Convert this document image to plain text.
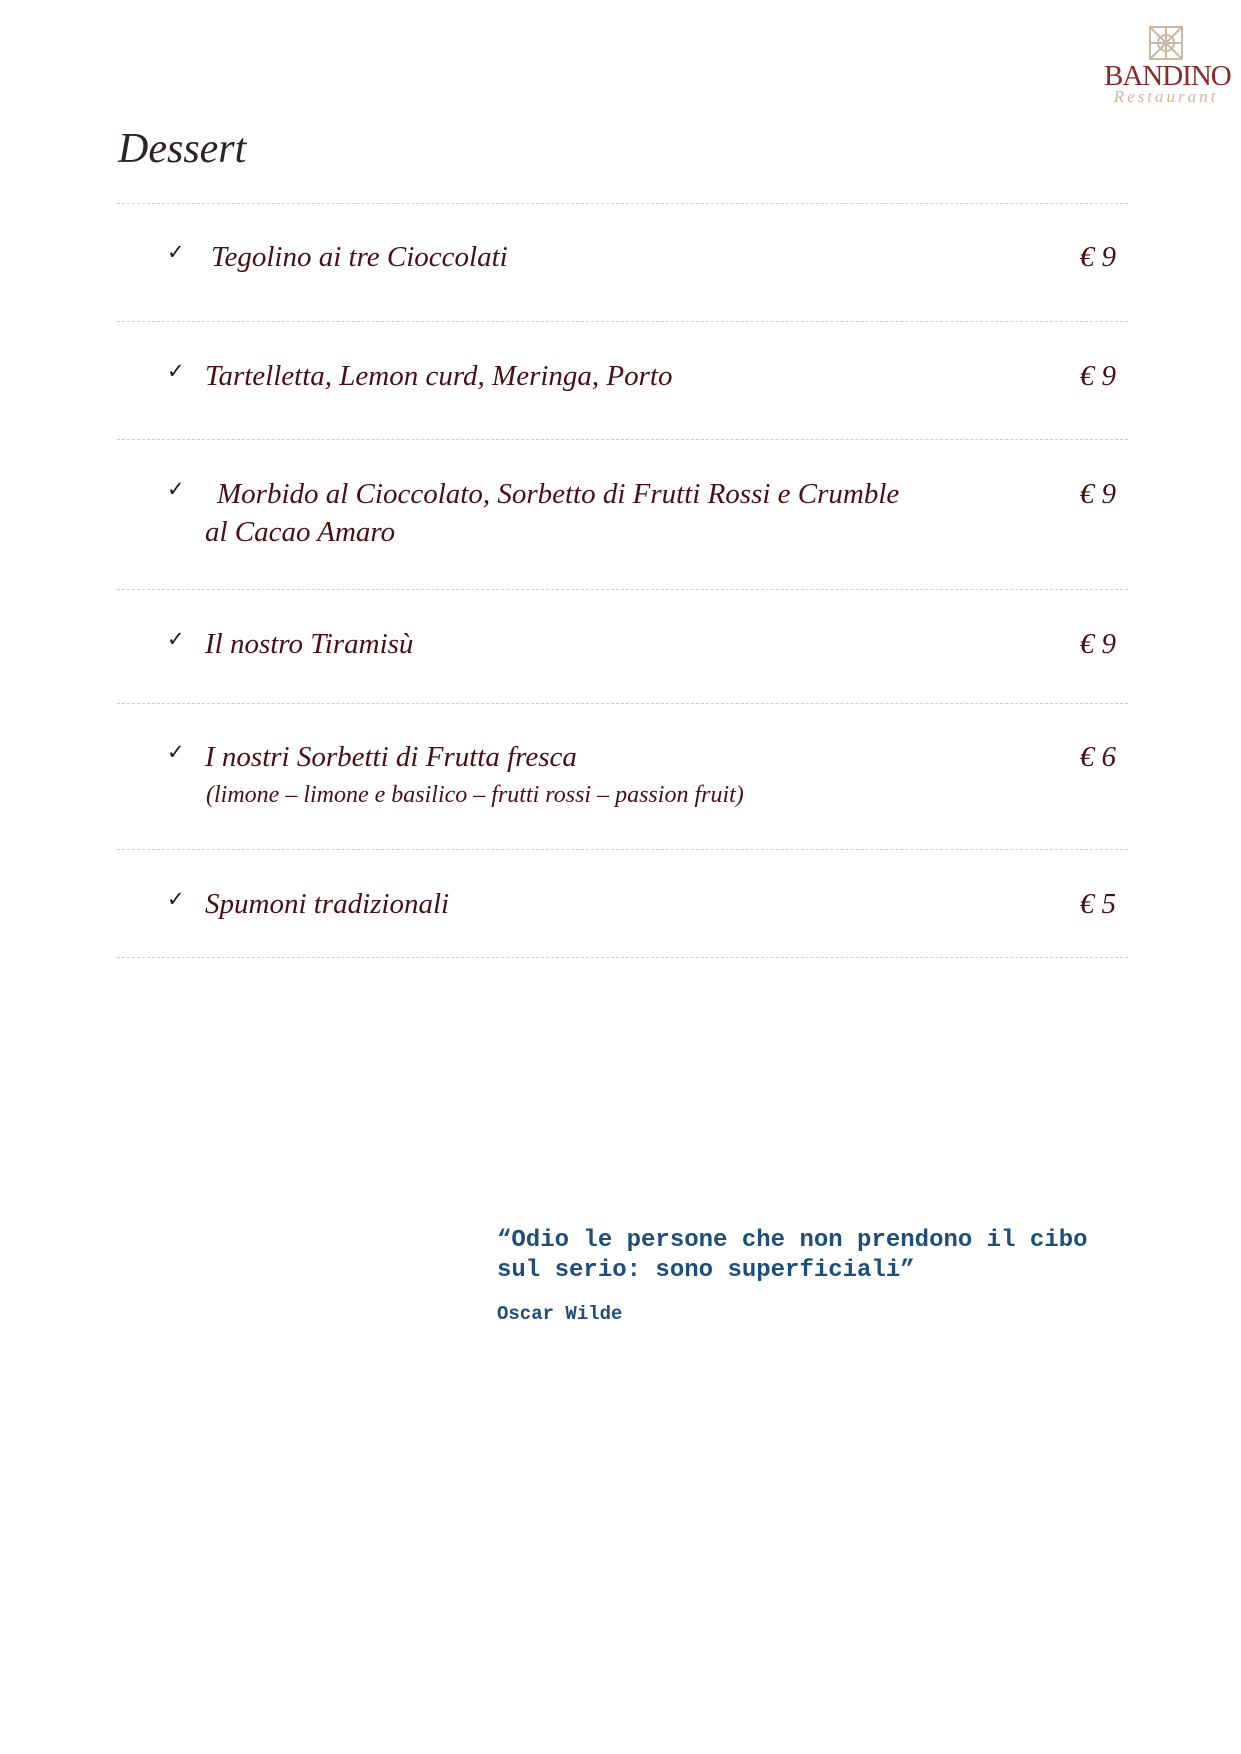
BANDINO
Restaurant
Dessert
✓ Tegolino ai tre Cioccolati	€ 9
✓ Tartelletta, Lemon curd, Meringa, Porto	€ 9
✓	Morbido al Cioccolato, Sorbetto di Frutti Rossi e Crumble al Cacao Amaro
€ 9
✓ Il nostro Tiramisù	€ 9
✓ I nostri Sorbetti di Frutta fresca
(limone – limone e basilico – frutti rossi – passion fruit)
€ 6
✓ Spumoni tradizionali	€ 5

“Odio le persone che non prendono il cibo sul serio: sono superficiali”

Oscar Wilde
